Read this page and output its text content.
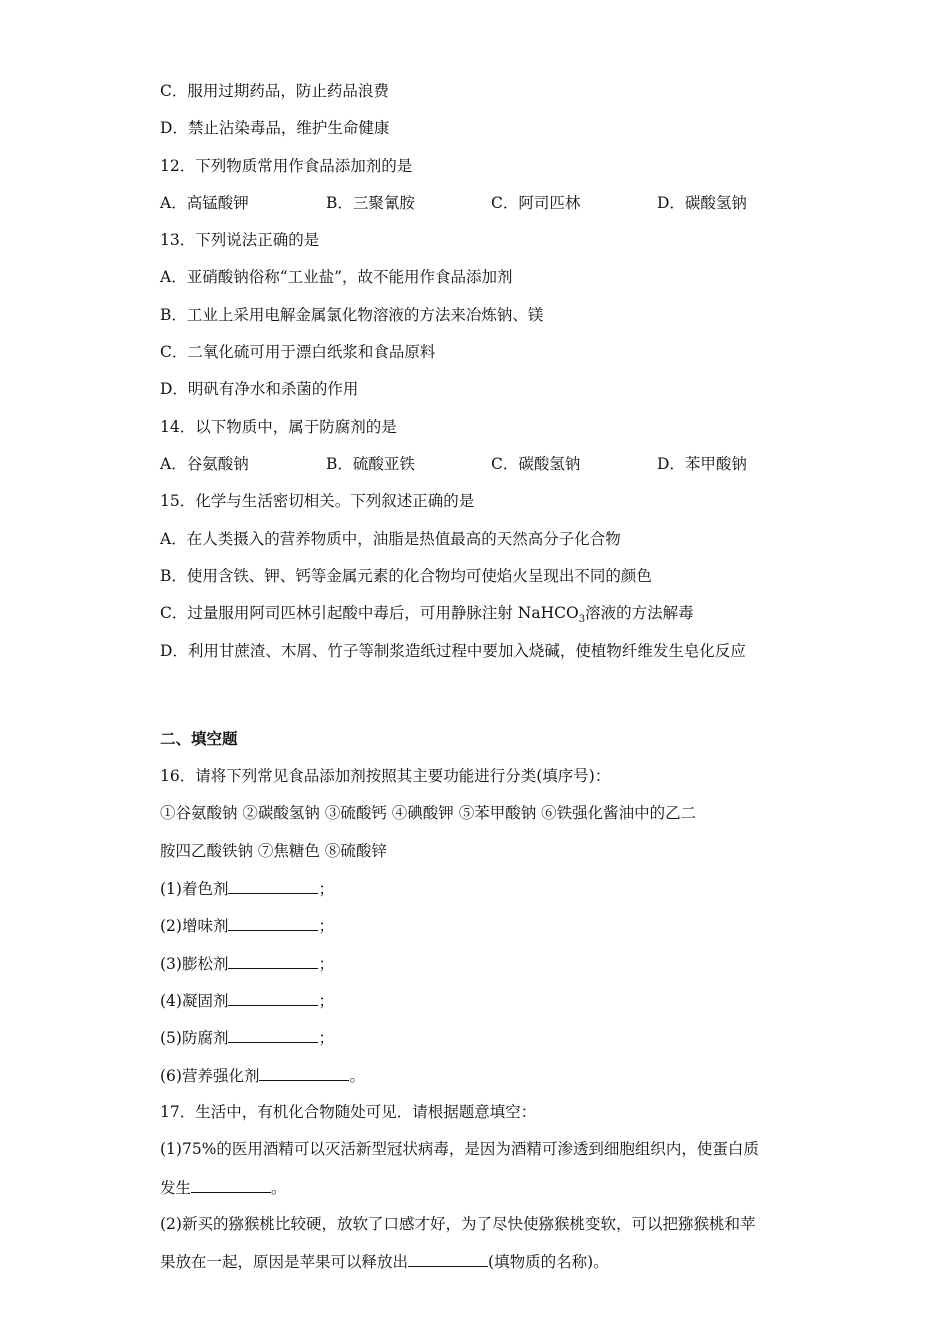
C．服用过期药品，防止药品浪费
D．禁止沾染毒品，维护生命健康
12．下列物质常用作食品添加剂的是
A．高锰酸钾	B．三聚氰胺	C．阿司匹林	D．碳酸氢钠
13．下列说法正确的是
A．亚硝酸钠俗称“工业盐”，故不能用作食品添加剂
B．工业上采用电解金属氯化物溶液的方法来冶炼钠、镁
C．二氧化硫可用于漂白纸浆和食品原料
D．明矾有净水和杀菌的作用
14．以下物质中，属于防腐剂的是
A．谷氨酸钠	B．硫酸亚铁	C．碳酸氢钠	D．苯甲酸钠
15．化学与生活密切相关。下列叙述正确的是
A．在人类摄入的营养物质中，油脂是热值最高的天然高分子化合物
B．使用含铁、钾、钙等金属元素的化合物均可使焰火呈现出不同的颜色
C．过量服用阿司匹林引起酸中毒后，可用静脉注射 NaHCO$_3$溶液的方法解毒
D．利用甘蔗渣、木屑、竹子等制浆造纸过程中要加入烧碱，使植物纤维发生皂化反应
二、填空题
16．请将下列常见食品添加剂按照其主要功能进行分类(填序号)：
①谷氨酸钠 ②碳酸氢钠 ③硫酸钙 ④碘酸钾 ⑤苯甲酸钠 ⑥铁强化酱油中的乙二
胺四乙酸铁钠 ⑦焦糖色 ⑧硫酸锌
(1)着色剂	；
(2)增味剂	；
(3)膨松剂	；
(4)凝固剂	；
(5)防腐剂	；
(6)营养强化剂	。
17．生活中，有机化合物随处可见．请根据题意填空：
(1)75%的医用酒精可以灭活新型冠状病毒，是因为酒精可渗透到细胞组织内，使蛋白质
发生	。
(2)新买的猕猴桃比较硬，放软了口感才好，为了尽快使猕猴桃变软，可以把猕猴桃和苹
果放在一起，原因是苹果可以释放出	(填物质的名称)。
